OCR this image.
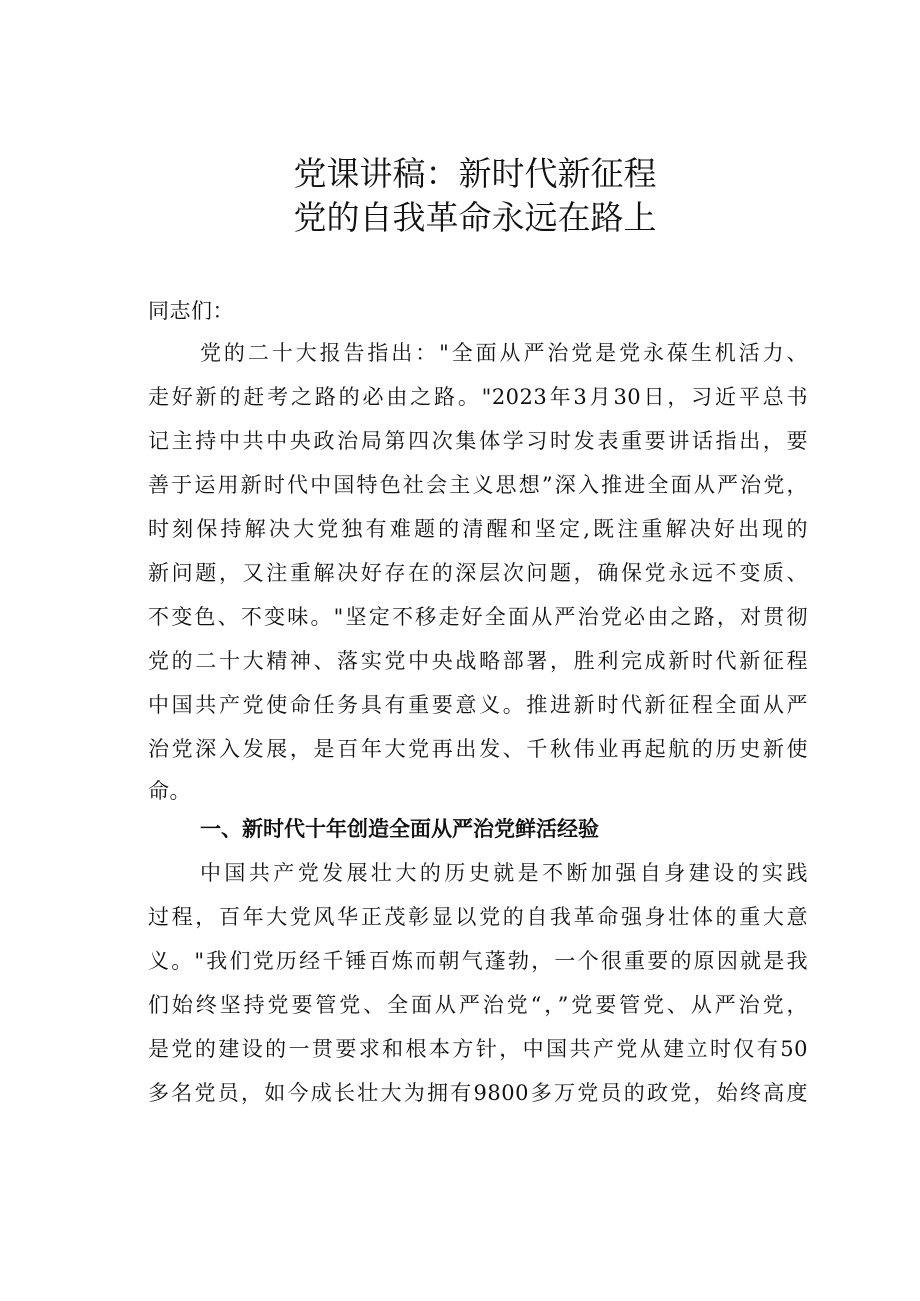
党课讲稿：新时代新征程
党的自我革命永远在路上
同志们：
党的二十大报告指出："全面从严治党是党永葆生机活力、
走好新的赶考之路的必由之路。"2023年3月30日，习近平总书
记主持中共中央政治局第四次集体学习时发表重要讲话指出，要
善于运用新时代中国特色社会主义思想”深入推进全面从严治党，
时刻保持解决大党独有难题的清醒和坚定,既注重解决好出现的
新问题，又注重解决好存在的深层次问题，确保党永远不变质、
不变色、不变味。"坚定不移走好全面从严治党必由之路，对贯彻
党的二十大精神、落实党中央战略部署，胜利完成新时代新征程
中国共产党使命任务具有重要意义。推进新时代新征程全面从严
治党深入发展，是百年大党再出发、千秋伟业再起航的历史新使
命。
一、新时代十年创造全面从严治党鲜活经验
中国共产党发展壮大的历史就是不断加强自身建设的实践
过程，百年大党风华正茂彰显以党的自我革命强身壮体的重大意
义。"我们党历经千锤百炼而朝气蓬勃，一个很重要的原因就是我
们始终坚持党要管党、全面从严治党“，”党要管党、从严治党，
是党的建设的一贯要求和根本方针，中国共产党从建立时仅有50
多名党员，如今成长壮大为拥有9800多万党员的政党，始终高度
